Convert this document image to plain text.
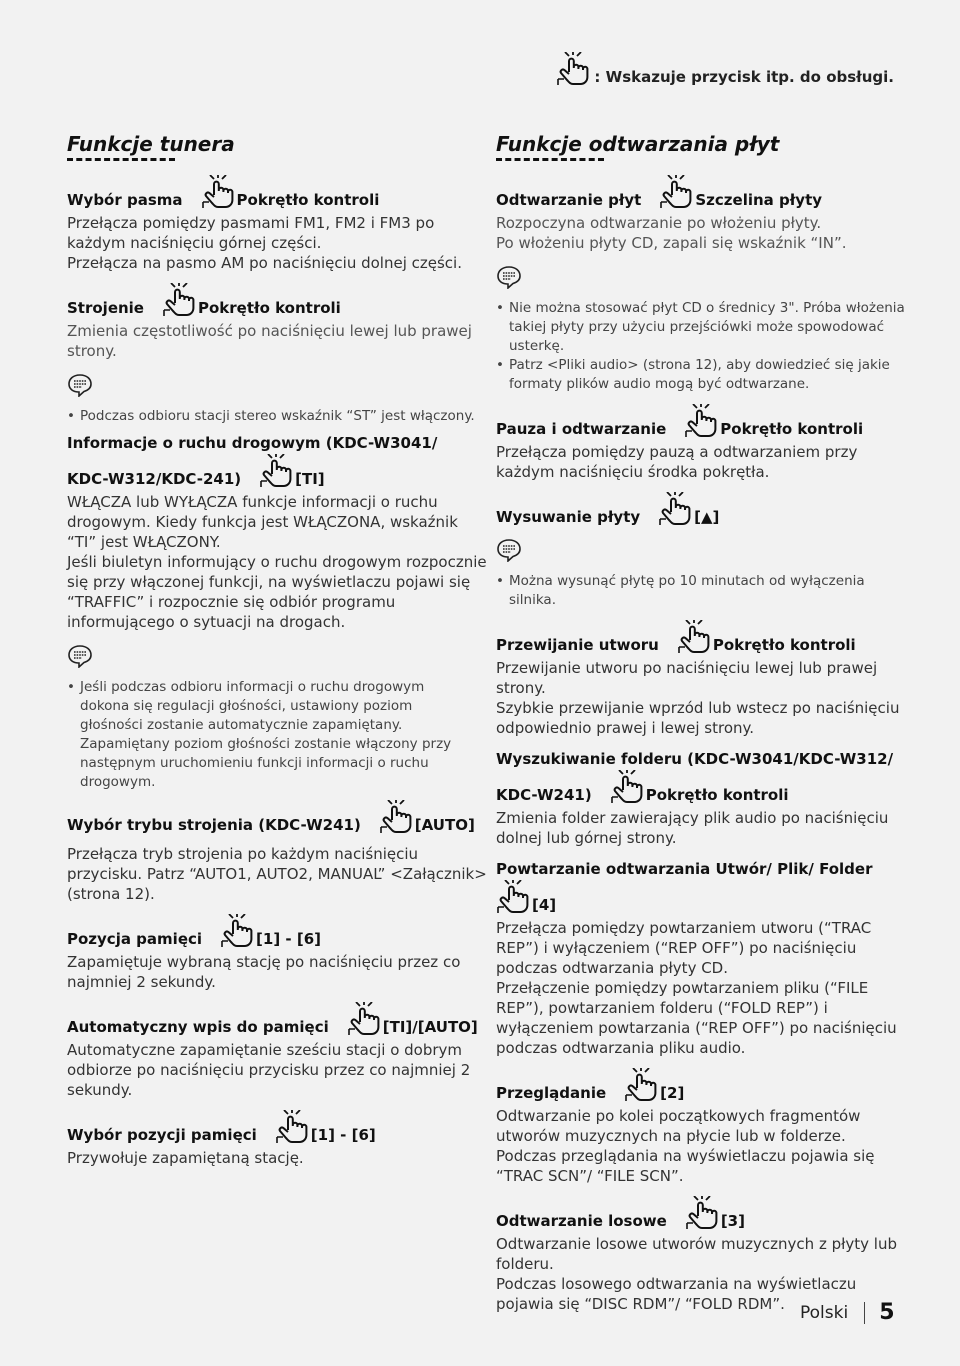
: Wskazuje przycisk itp. do obsługi.
Funkcje tunera
Wybór pasma	Pokrętło kontroli
Przełącza pomiędzy pasmami FM1, FM2 i FM3 po każdym naciśnięciu górnej części.
Przełącza na pasmo AM po naciśnięciu dolnej części.
Strojenie	Pokrętło kontroli
Zmienia częstotliwość po naciśnięciu lewej lub prawej strony.
• Podczas odbioru stacji stereo wskaźnik “ST” jest włączony.
Informacje o ruchu drogowym (KDC-W3041/
KDC-W312/KDC-241)	[TI]
WŁĄCZA lub WYŁĄCZA funkcje informacji o ruchu drogowym. Kiedy funkcja jest WŁĄCZONA, wskaźnik “TI” jest WŁĄCZONY.
Jeśli biuletyn informujący o ruchu drogowym rozpocznie się przy włączonej funkcji, na wyświetlaczu pojawi się “TRAFFIC” i rozpocznie się odbiór programu informującego o sytuacji na drogach.
• Jeśli podczas odbioru informacji o ruchu drogowym dokona się regulacji głośności, ustawiony poziom głośności zostanie automatycznie zapamiętany. Zapamiętany poziom głośności zostanie włączony przy następnym uruchomieniu funkcji informacji o ruchu drogowym.
Wybór trybu strojenia (KDC-W241)	[AUTO]
Przełącza tryb strojenia po każdym naciśnięciu przycisku. Patrz “AUTO1, AUTO2, MANUAL” <Załącznik> (strona 12).
Pozycja pamięci	[1] - [6]
Zapamiętuje wybraną stację po naciśnięciu przez co najmniej 2 sekundy.
Automatyczny wpis do pamięci	[TI]/[AUTO]
Automatyczne zapamiętanie sześciu stacji o dobrym odbiorze po naciśnięciu przycisku przez co najmniej 2 sekundy.
Wybór pozycji pamięci	[1] - [6]
Przywołuje zapamiętaną stację.
Funkcje odtwarzania płyt
Odtwarzanie płyt	Szczelina płyty
Rozpoczyna odtwarzanie po włożeniu płyty.
Po włożeniu płyty CD, zapali się wskaźnik “IN”.
• Nie można stosować płyt CD o średnicy 3". Próba włożenia takiej płyty przy użyciu przejściówki może spowodować usterkę.
• Patrz <Pliki audio> (strona 12), aby dowiedzieć się jakie formaty plików audio mogą być odtwarzane.
Pauza i odtwarzanie	Pokrętło kontroli
Przełącza pomiędzy pauzą a odtwarzaniem przy każdym naciśnięciu środka pokrętła.
Wysuwanie płyty	[▲]
• Można wysunąć płytę po 10 minutach od wyłączenia silnika.
Przewijanie utworu	Pokrętło kontroli
Przewijanie utworu po naciśnięciu lewej lub prawej strony.
Szybkie przewijanie wprzód lub wstecz po naciśnięciu odpowiednio prawej i lewej strony.
Wyszukiwanie folderu (KDC-W3041/KDC-W312/
KDC-W241)	Pokrętło kontroli
Zmienia folder zawierający plik audio po naciśnięciu dolnej lub górnej strony.
Powtarzanie odtwarzania Utwór/ Plik/ Folder
[4]
Przełącza pomiędzy powtarzaniem utworu (“TRAC REP”) i wyłączeniem (“REP OFF”) po naciśnięciu podczas odtwarzania płyty CD.
Przełączenie pomiędzy powtarzaniem pliku (“FILE REP”), powtarzaniem folderu (“FOLD REP”) i wyłączeniem powtarzania (“REP OFF”) po naciśnięciu podczas odtwarzania pliku audio.
Przeglądanie	[2]
Odtwarzanie po kolei początkowych fragmentów utworów muzycznych na płycie lub w folderze.
Podczas przeglądania na wyświetlaczu pojawia się “TRAC SCN”/ “FILE SCN”.
Odtwarzanie losowe	[3]
Odtwarzanie losowe utworów muzycznych z płyty lub folderu.
Podczas losowego odtwarzania na wyświetlaczu pojawia się “DISC RDM”/ “FOLD RDM”. Polski	5
